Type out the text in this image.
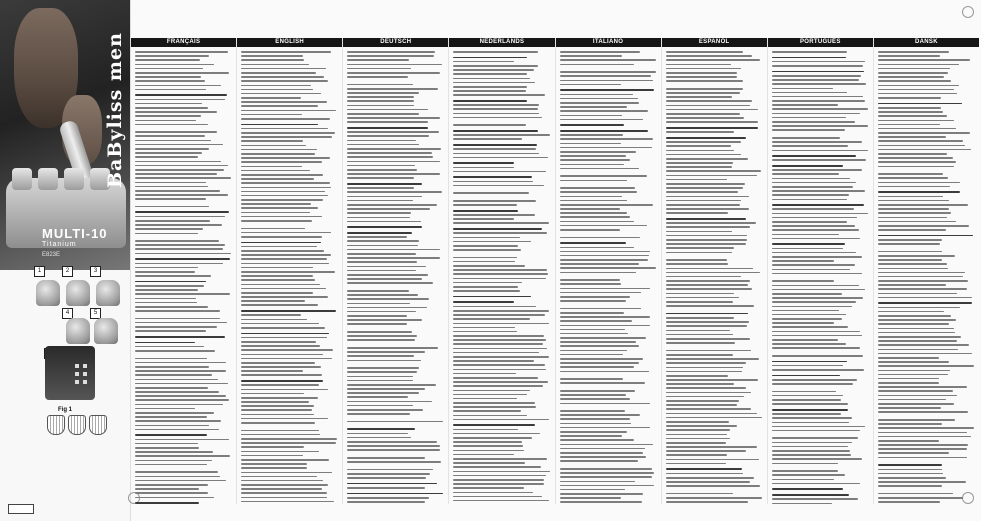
BaByliss men
MULTI-10
Titanium
E823E
1	2	3
4	5
Fig 1
FRANÇAIS	ENGLISH	DEUTSCH	NEDERLANDS	ITALIANO	ESPAÑOL	PORTUGUÊS	DANSK
